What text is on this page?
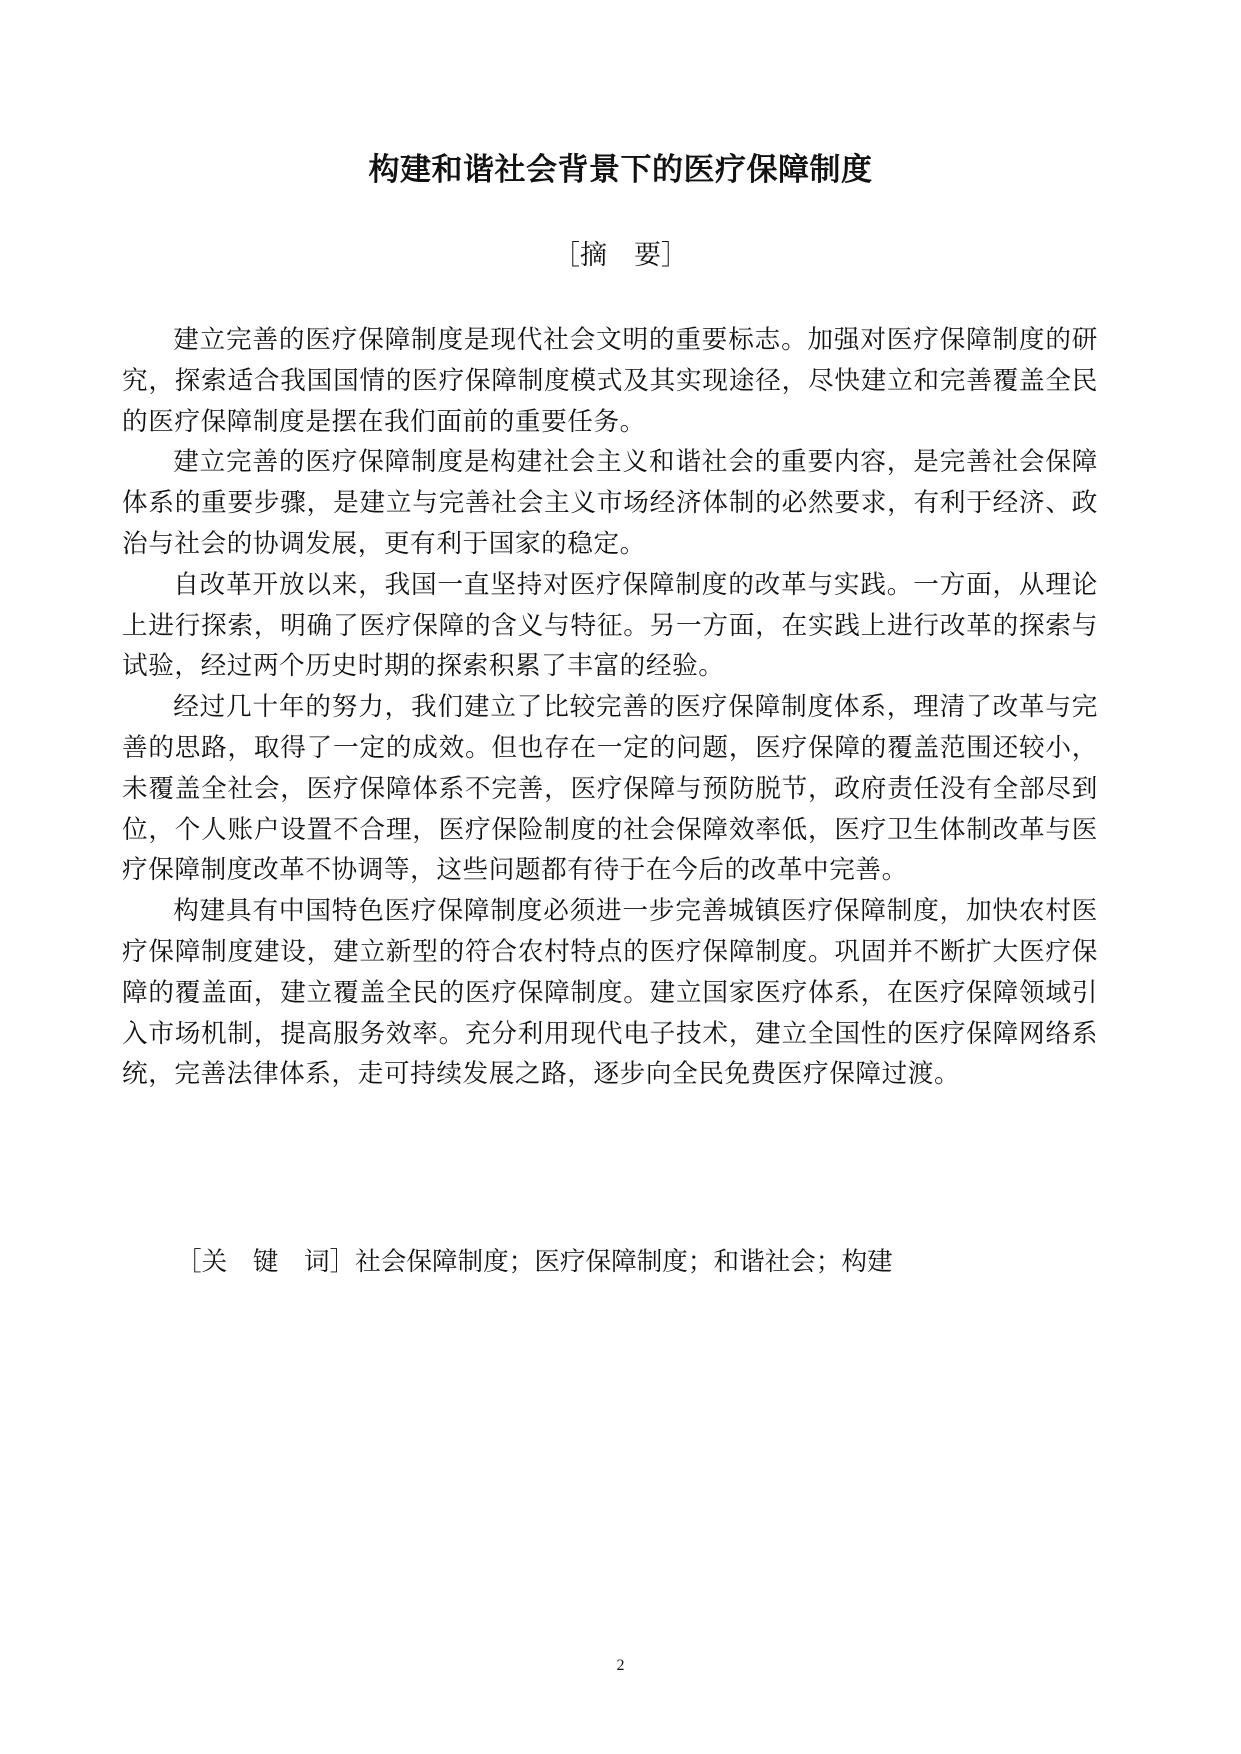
构建和谐社会背景下的医疗保障制度
［摘　要］

建立完善的医疗保障制度是现代社会文明的重要标志。加强对医疗保障制度的研究，探索适合我国国情的医疗保障制度模式及其实现途径，尽快建立和完善覆盖全民的医疗保障制度是摆在我们面前的重要任务。

建立完善的医疗保障制度是构建社会主义和谐社会的重要内容，是完善社会保障体系的重要步骤，是建立与完善社会主义市场经济体制的必然要求，有利于经济、政治与社会的协调发展，更有利于国家的稳定。

自改革开放以来，我国一直坚持对医疗保障制度的改革与实践。一方面，从理论上进行探索，明确了医疗保障的含义与特征。另一方面，在实践上进行改革的探索与试验，经过两个历史时期的探索积累了丰富的经验。

经过几十年的努力，我们建立了比较完善的医疗保障制度体系，理清了改革与完善的思路，取得了一定的成效。但也存在一定的问题，医疗保障的覆盖范围还较小，未覆盖全社会，医疗保障体系不完善，医疗保障与预防脱节，政府责任没有全部尽到位，个人账户设置不合理，医疗保险制度的社会保障效率低，医疗卫生体制改革与医疗保障制度改革不协调等，这些问题都有待于在今后的改革中完善。

构建具有中国特色医疗保障制度必须进一步完善城镇医疗保障制度，加快农村医疗保障制度建设，建立新型的符合农村特点的医疗保障制度。巩固并不断扩大医疗保障的覆盖面，建立覆盖全民的医疗保障制度。建立国家医疗体系，在医疗保障领域引入市场机制，提高服务效率。充分利用现代电子技术，建立全国性的医疗保障网络系统，完善法律体系，走可持续发展之路，逐步向全民免费医疗保障过渡。

［关　键　词］社会保障制度；医疗保障制度；和谐社会；构建
2
